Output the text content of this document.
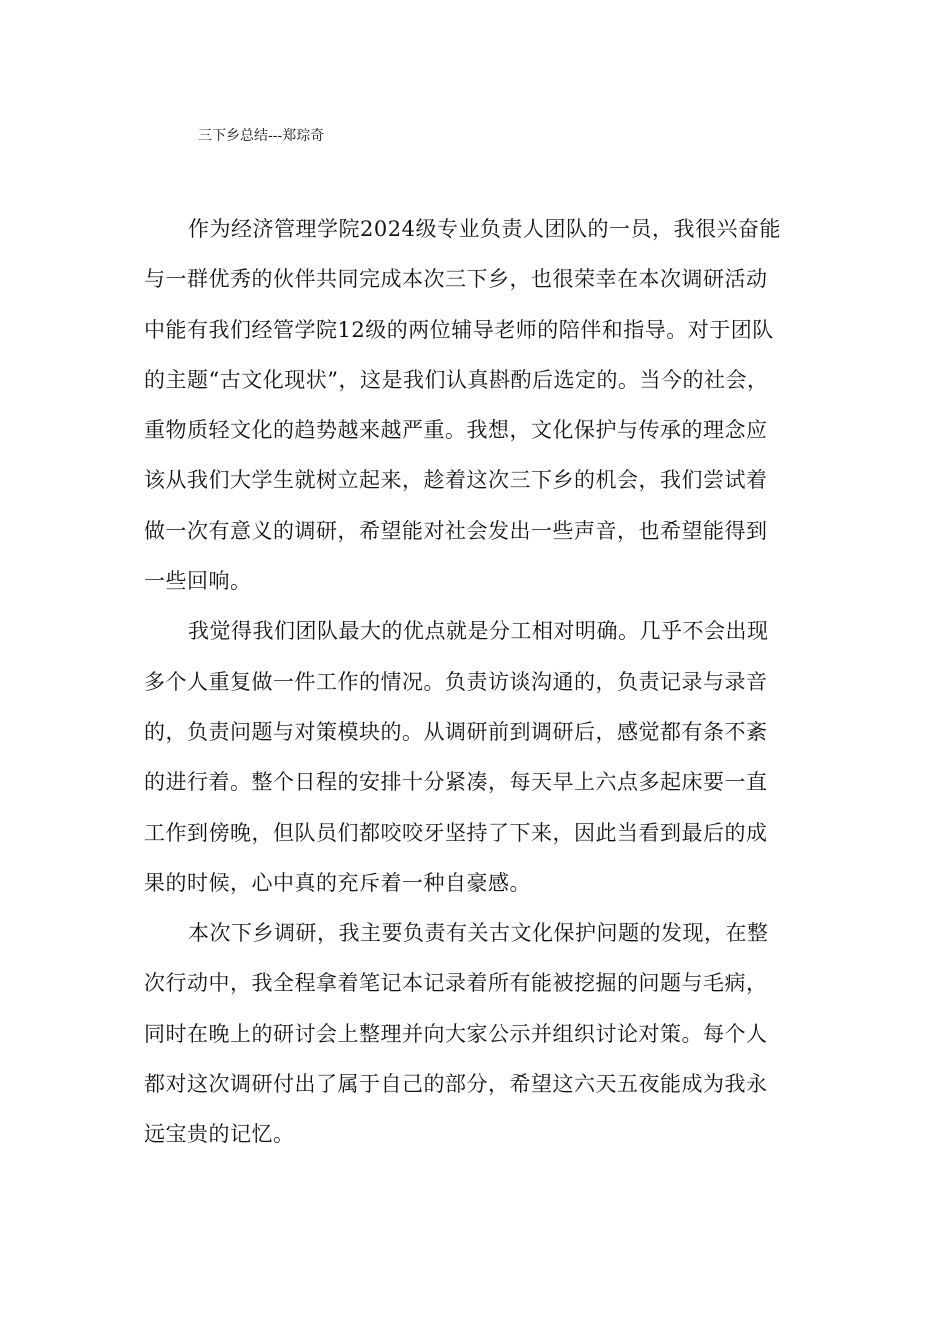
三下乡总结---郑琮奇

作为经济管理学院2024级专业负责人团队的一员，我很兴奋能
与一群优秀的伙伴共同完成本次三下乡，也很荣幸在本次调研活动
中能有我们经管学院12级的两位辅导老师的陪伴和指导。对于团队
的主题“古文化现状”，这是我们认真斟酌后选定的。当今的社会，
重物质轻文化的趋势越来越严重。我想，文化保护与传承的理念应
该从我们大学生就树立起来，趁着这次三下乡的机会，我们尝试着
做一次有意义的调研，希望能对社会发出一些声音，也希望能得到
一些回响。

我觉得我们团队最大的优点就是分工相对明确。几乎不会出现
多个人重复做一件工作的情况。负责访谈沟通的，负责记录与录音
的，负责问题与对策模块的。从调研前到调研后，感觉都有条不紊
的进行着。整个日程的安排十分紧凑，每天早上六点多起床要一直
工作到傍晚，但队员们都咬咬牙坚持了下来，因此当看到最后的成
果的时候，心中真的充斥着一种自豪感。

本次下乡调研，我主要负责有关古文化保护问题的发现，在整
次行动中，我全程拿着笔记本记录着所有能被挖掘的问题与毛病，
同时在晚上的研讨会上整理并向大家公示并组织讨论对策。每个人
都对这次调研付出了属于自己的部分，希望这六天五夜能成为我永
远宝贵的记忆。
